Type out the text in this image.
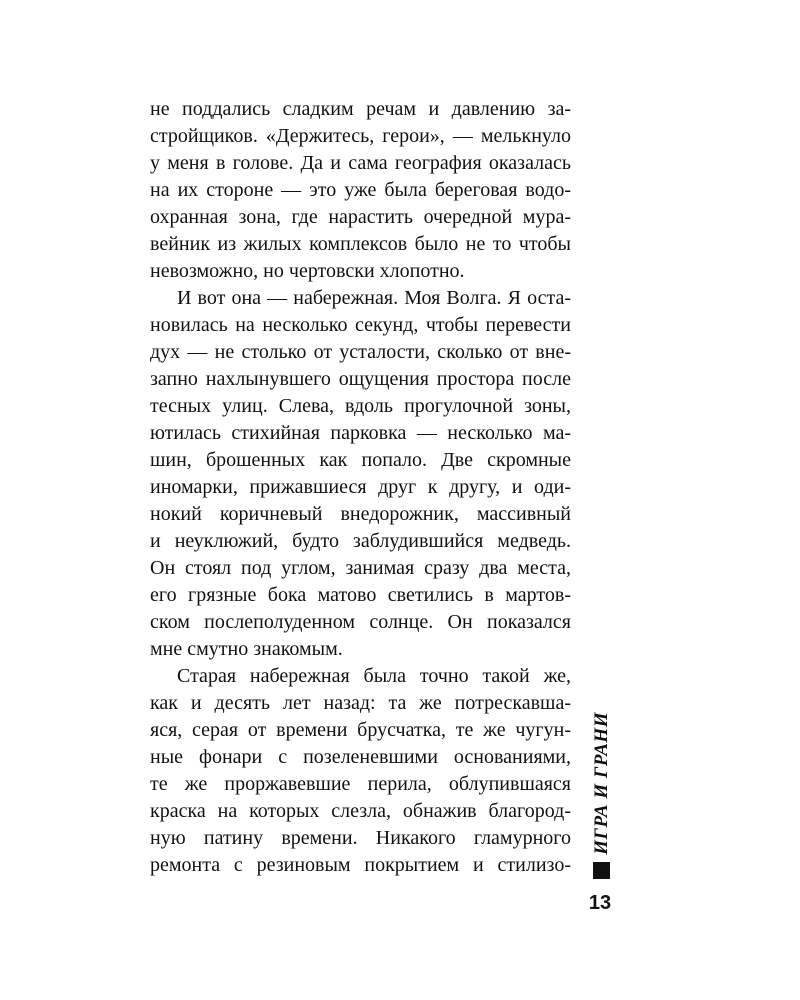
не поддались сладким речам и давлению за-
стройщиков. «Держитесь, герои», — мелькнуло
у меня в голове. Да и сама география оказалась
на их стороне — это уже была береговая водо-
охранная зона, где нарастить очередной мура-
вейник из жилых комплексов было не то чтобы
невозможно, но чертовски хлопотно.
И вот она — набережная. Моя Волга. Я оста-
новилась на несколько секунд, чтобы перевести
дух — не столько от усталости, сколько от вне-
запно нахлынувшего ощущения простора после
тесных улиц. Слева, вдоль прогулочной зоны,
ютилась стихийная парковка — несколько ма-
шин, брошенных как попало. Две скромные
иномарки, прижавшиеся друг к другу, и оди-
нокий коричневый внедорожник, массивный
и неуклюжий, будто заблудившийся медведь.
Он стоял под углом, занимая сразу два места,
его грязные бока матово светились в мартов-
ском послеполуденном солнце. Он показался
мне смутно знакомым.
Старая набережная была точно такой же,
как и десять лет назад: та же потрескавша-
яся, серая от времени брусчатка, те же чугун-
ные фонари с позеленевшими основаниями,
те же проржавевшие перила, облупившаяся
краска на которых слезла, обнажив благород-
ную патину времени. Никакого гламурного
ремонта с резиновым покрытием и стилизо-
ИГРА И ГРАНИ
13
